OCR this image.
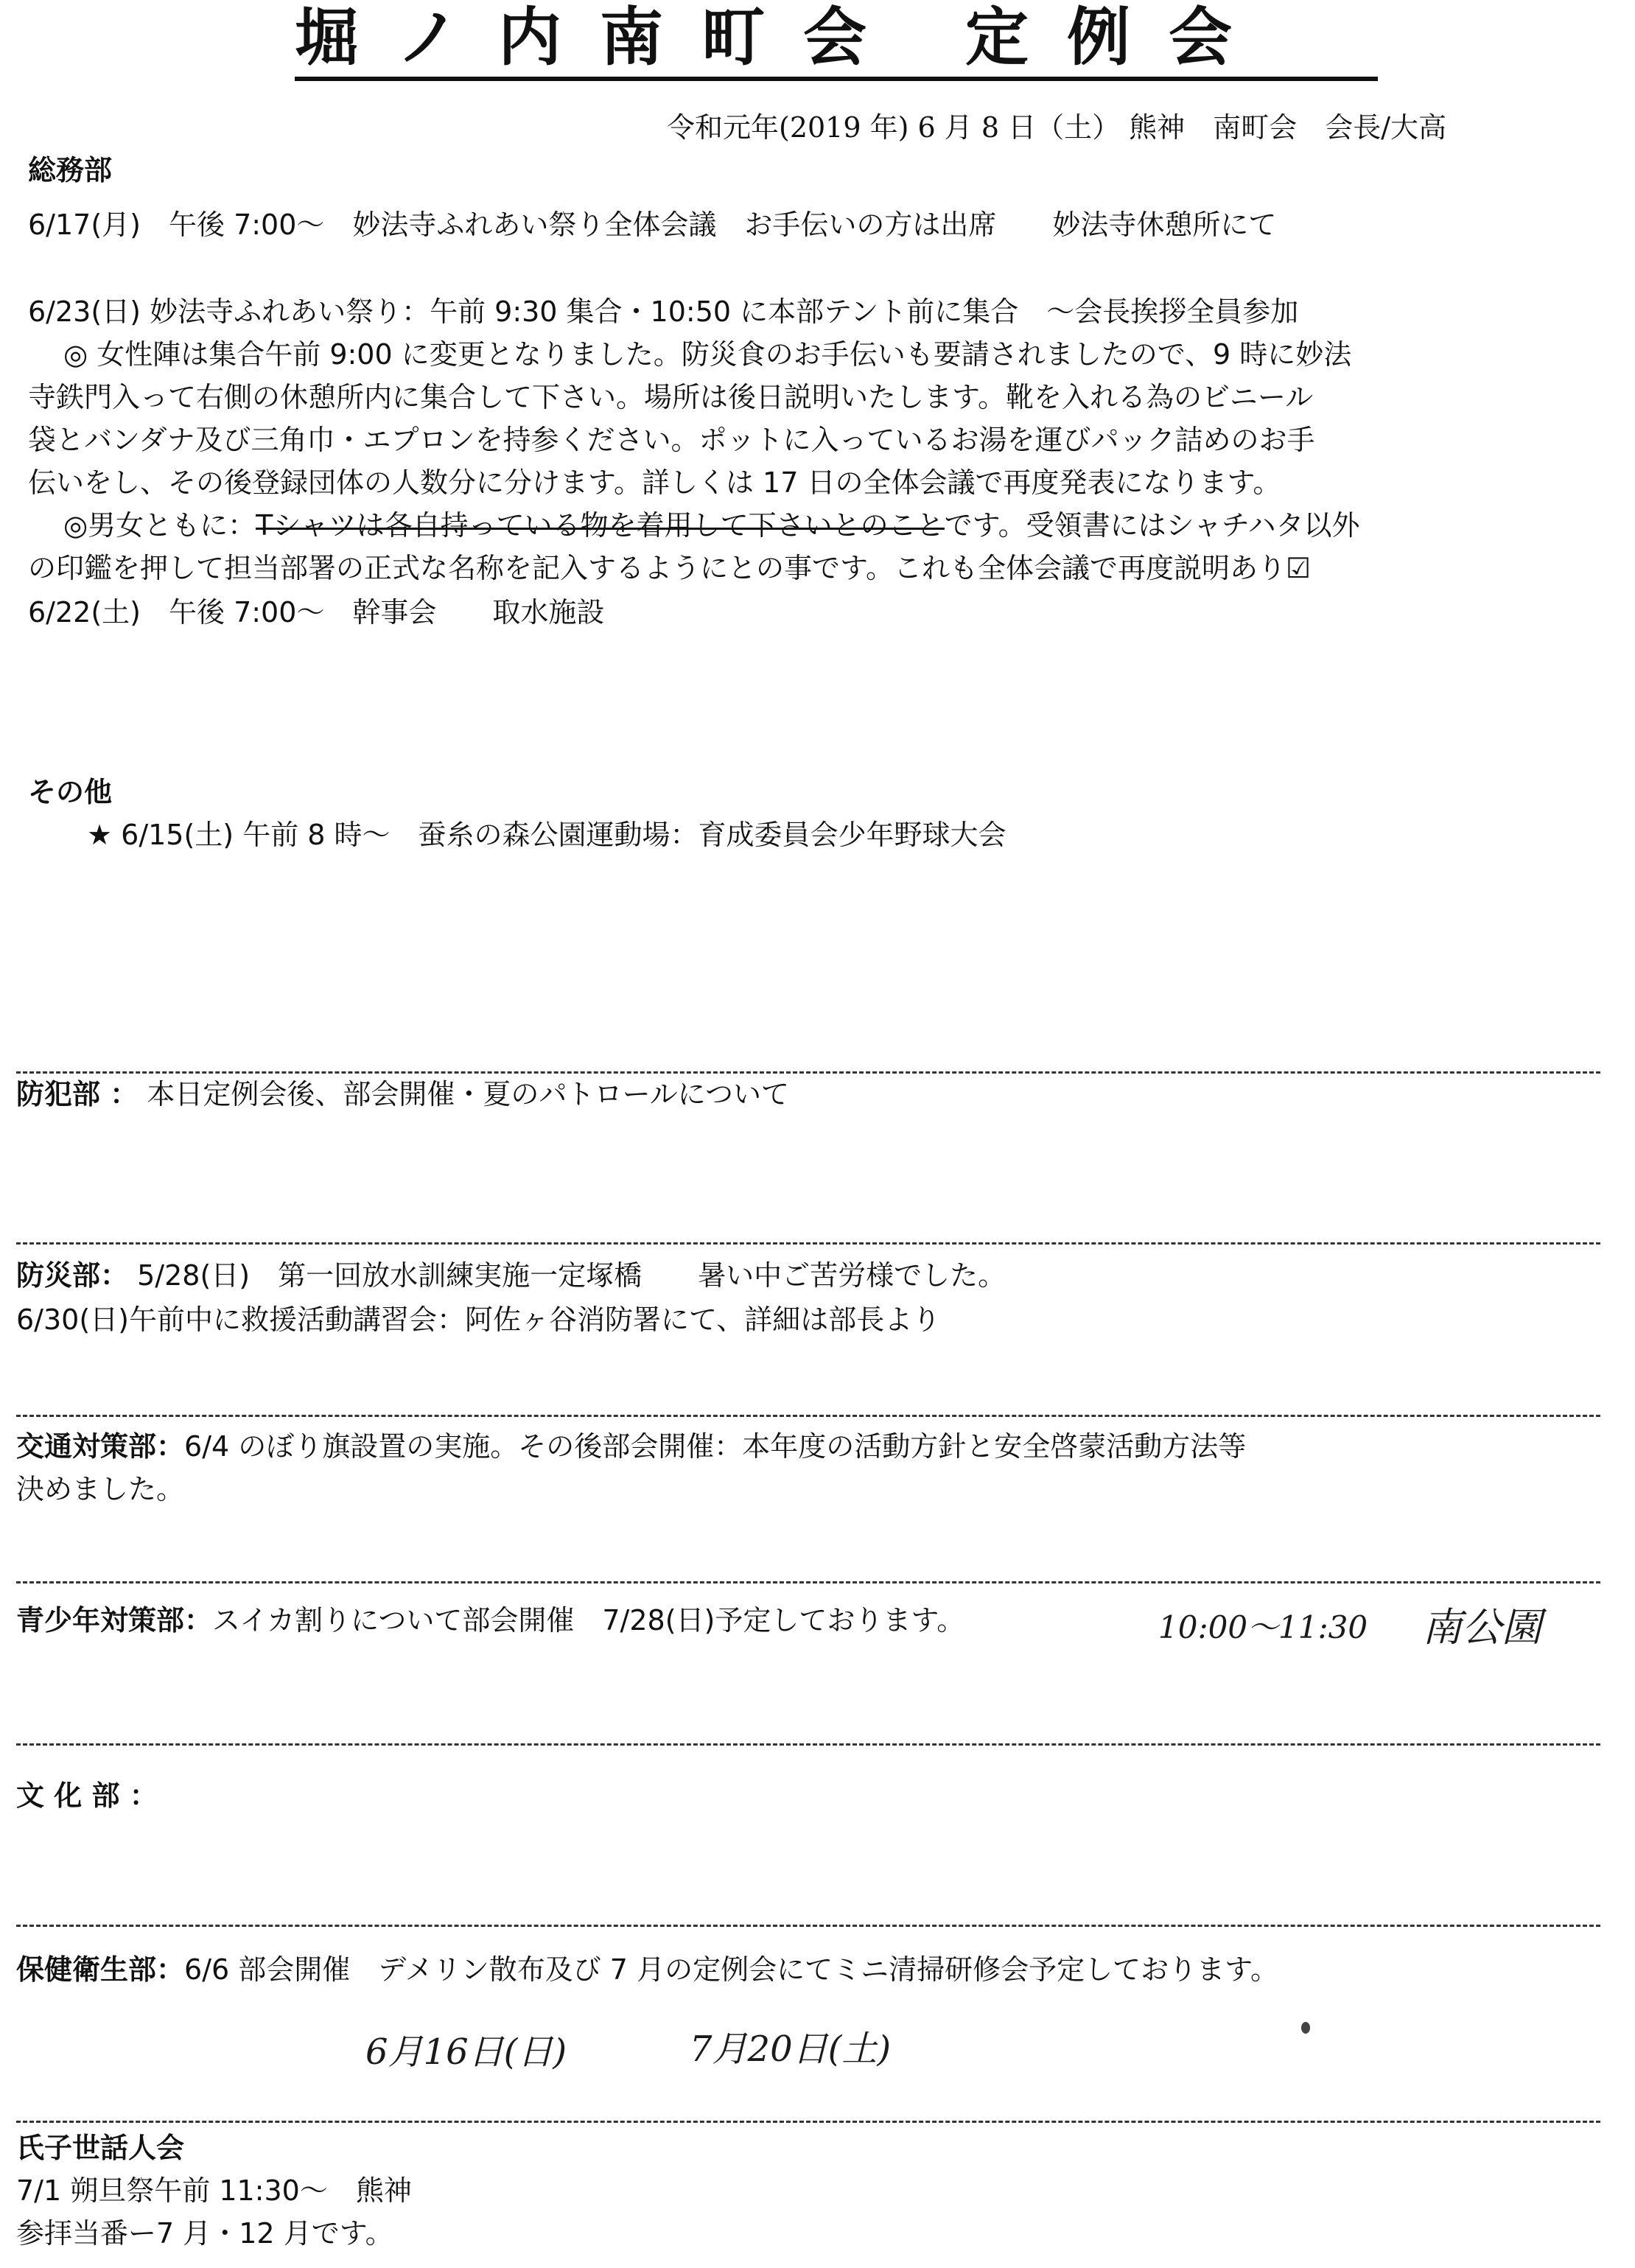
堀ノ内南町会 定例会
令和元年(2019 年) 6 月 8 日（土） 熊神　南町会　会長/大高
総務部
6/17(月)　午後 7:00～　妙法寺ふれあい祭り全体会議　お手伝いの方は出席　　妙法寺休憩所にて
6/23(日) 妙法寺ふれあい祭り：午前 9:30 集合・10:50 に本部テント前に集合　～会長挨拶全員参加
◎ 女性陣は集合午前 9:00 に変更となりました。防災食のお手伝いも要請されましたので、9 時に妙法
寺鉄門入って右側の休憩所内に集合して下さい。場所は後日説明いたします。靴を入れる為のビニール
袋とバンダナ及び三角巾・エプロンを持参ください。ポットに入っているお湯を運びパック詰めのお手
伝いをし、その後登録団体の人数分に分けます。詳しくは 17 日の全体会議で再度発表になります。
◎男女ともに：Tシャツは各自持っている物を着用して下さいとのことです。受領書にはシャチハタ以外
の印鑑を押して担当部署の正式な名称を記入するようにとの事です。これも全体会議で再度説明あり☑
6/22(土)　午後 7:00～　幹事会　　取水施設
その他
★ 6/15(土) 午前 8 時～　蚕糸の森公園運動場：育成委員会少年野球大会
防犯部 ： 本日定例会後、部会開催・夏のパトロールについて
防災部： 5/28(日)　第一回放水訓練実施一定塚橋　　暑い中ご苦労様でした。
6/30(日)午前中に救援活動講習会：阿佐ヶ谷消防署にて、詳細は部長より
交通対策部：6/4 のぼり旗設置の実施。その後部会開催：本年度の活動方針と安全啓蒙活動方法等
決めました。
青少年対策部：スイカ割りについて部会開催　7/28(日)予定しております。	10:00～11:30 南公園
文 化 部 ：
保健衛生部：6/6 部会開催　デメリン散布及び 7 月の定例会にてミニ清掃研修会予定しております。
6月16日(日)	7月20日(土)
氏子世話人会
7/1 朔旦祭午前 11:30～　熊神
参拝当番ー7 月・12 月です。
